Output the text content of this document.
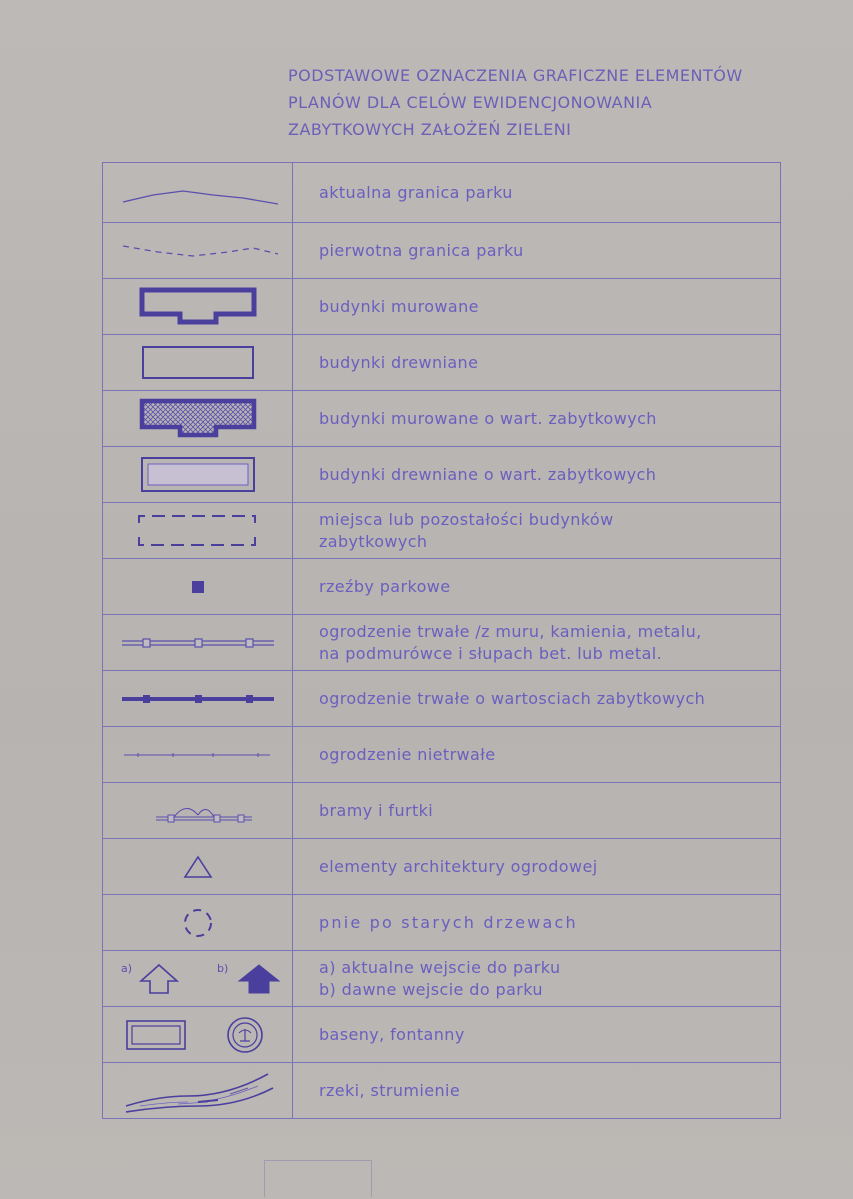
PODSTAWOWE OZNACZENIA GRAFICZNE ELEMENTÓW
PLANÓW DLA CELÓW EWIDENCJONOWANIA
ZABYTKOWYCH ZAŁOŻEŃ ZIELENI

aktualna granica parku

pierwotna granica parku

budynki murowane

budynki drewniane

budynki murowane o wart. zabytkowych

budynki drewniane o wart. zabytkowych

miejsca lub pozostałości budynków
zabytkowych

rzeźby parkowe

ogrodzenie trwałe /z muru, kamienia, metalu,
na podmurówce i słupach bet. lub metal.

ogrodzenie trwałe o wartosciach zabytkowych

ogrodzenie nietrwałe

bramy i furtki

elementy architektury ogrodowej

pnie po starych drzewach

a) b)	a) aktualne wejscie do parku
b) dawne wejscie do parku

baseny, fontanny

rzeki, strumienie
